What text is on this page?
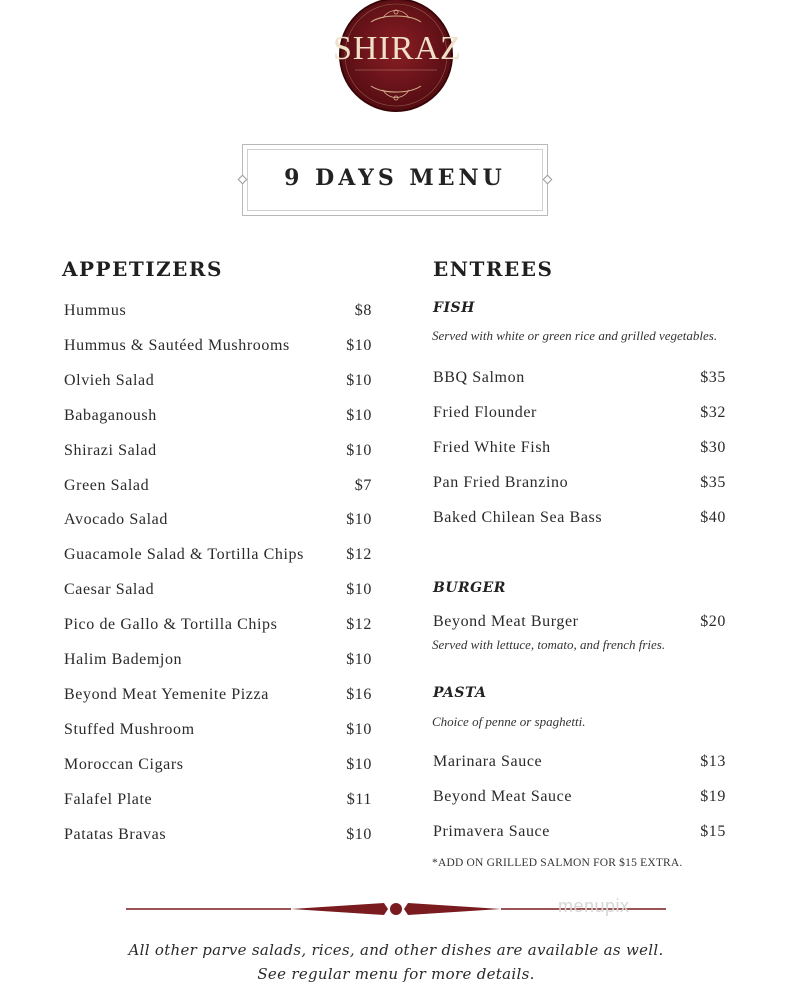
SHIRAZ
9 DAYS MENU
APPETIZERS
Hummus	$8
Hummus & Sautéed Mushrooms	$10
Olvieh Salad	$10
Babaganoush	$10
Shirazi Salad	$10
Green Salad	$7
Avocado Salad	$10
Guacamole Salad & Tortilla Chips	$12
Caesar Salad	$10
Pico de Gallo & Tortilla Chips	$12
Halim Bademjon	$10
Beyond Meat Yemenite Pizza	$16
Stuffed Mushroom	$10
Moroccan Cigars	$10
Falafel Plate	$11
Patatas Bravas	$10
ENTREES
FISH
Served with white or green rice and grilled vegetables.
BBQ Salmon	$35
Fried Flounder	$32
Fried White Fish	$30
Pan Fried Branzino	$35
Baked Chilean Sea Bass	$40
BURGER
Beyond Meat Burger	$20
Served with lettuce, tomato, and french fries.
PASTA
Choice of penne or spaghetti.
Marinara Sauce	$13
Beyond Meat Sauce	$19
Primavera Sauce	$15
*ADD ON GRILLED SALMON FOR $15 EXTRA.
menupix
All other parve salads, rices, and other dishes are available as well.
See regular menu for more details.
